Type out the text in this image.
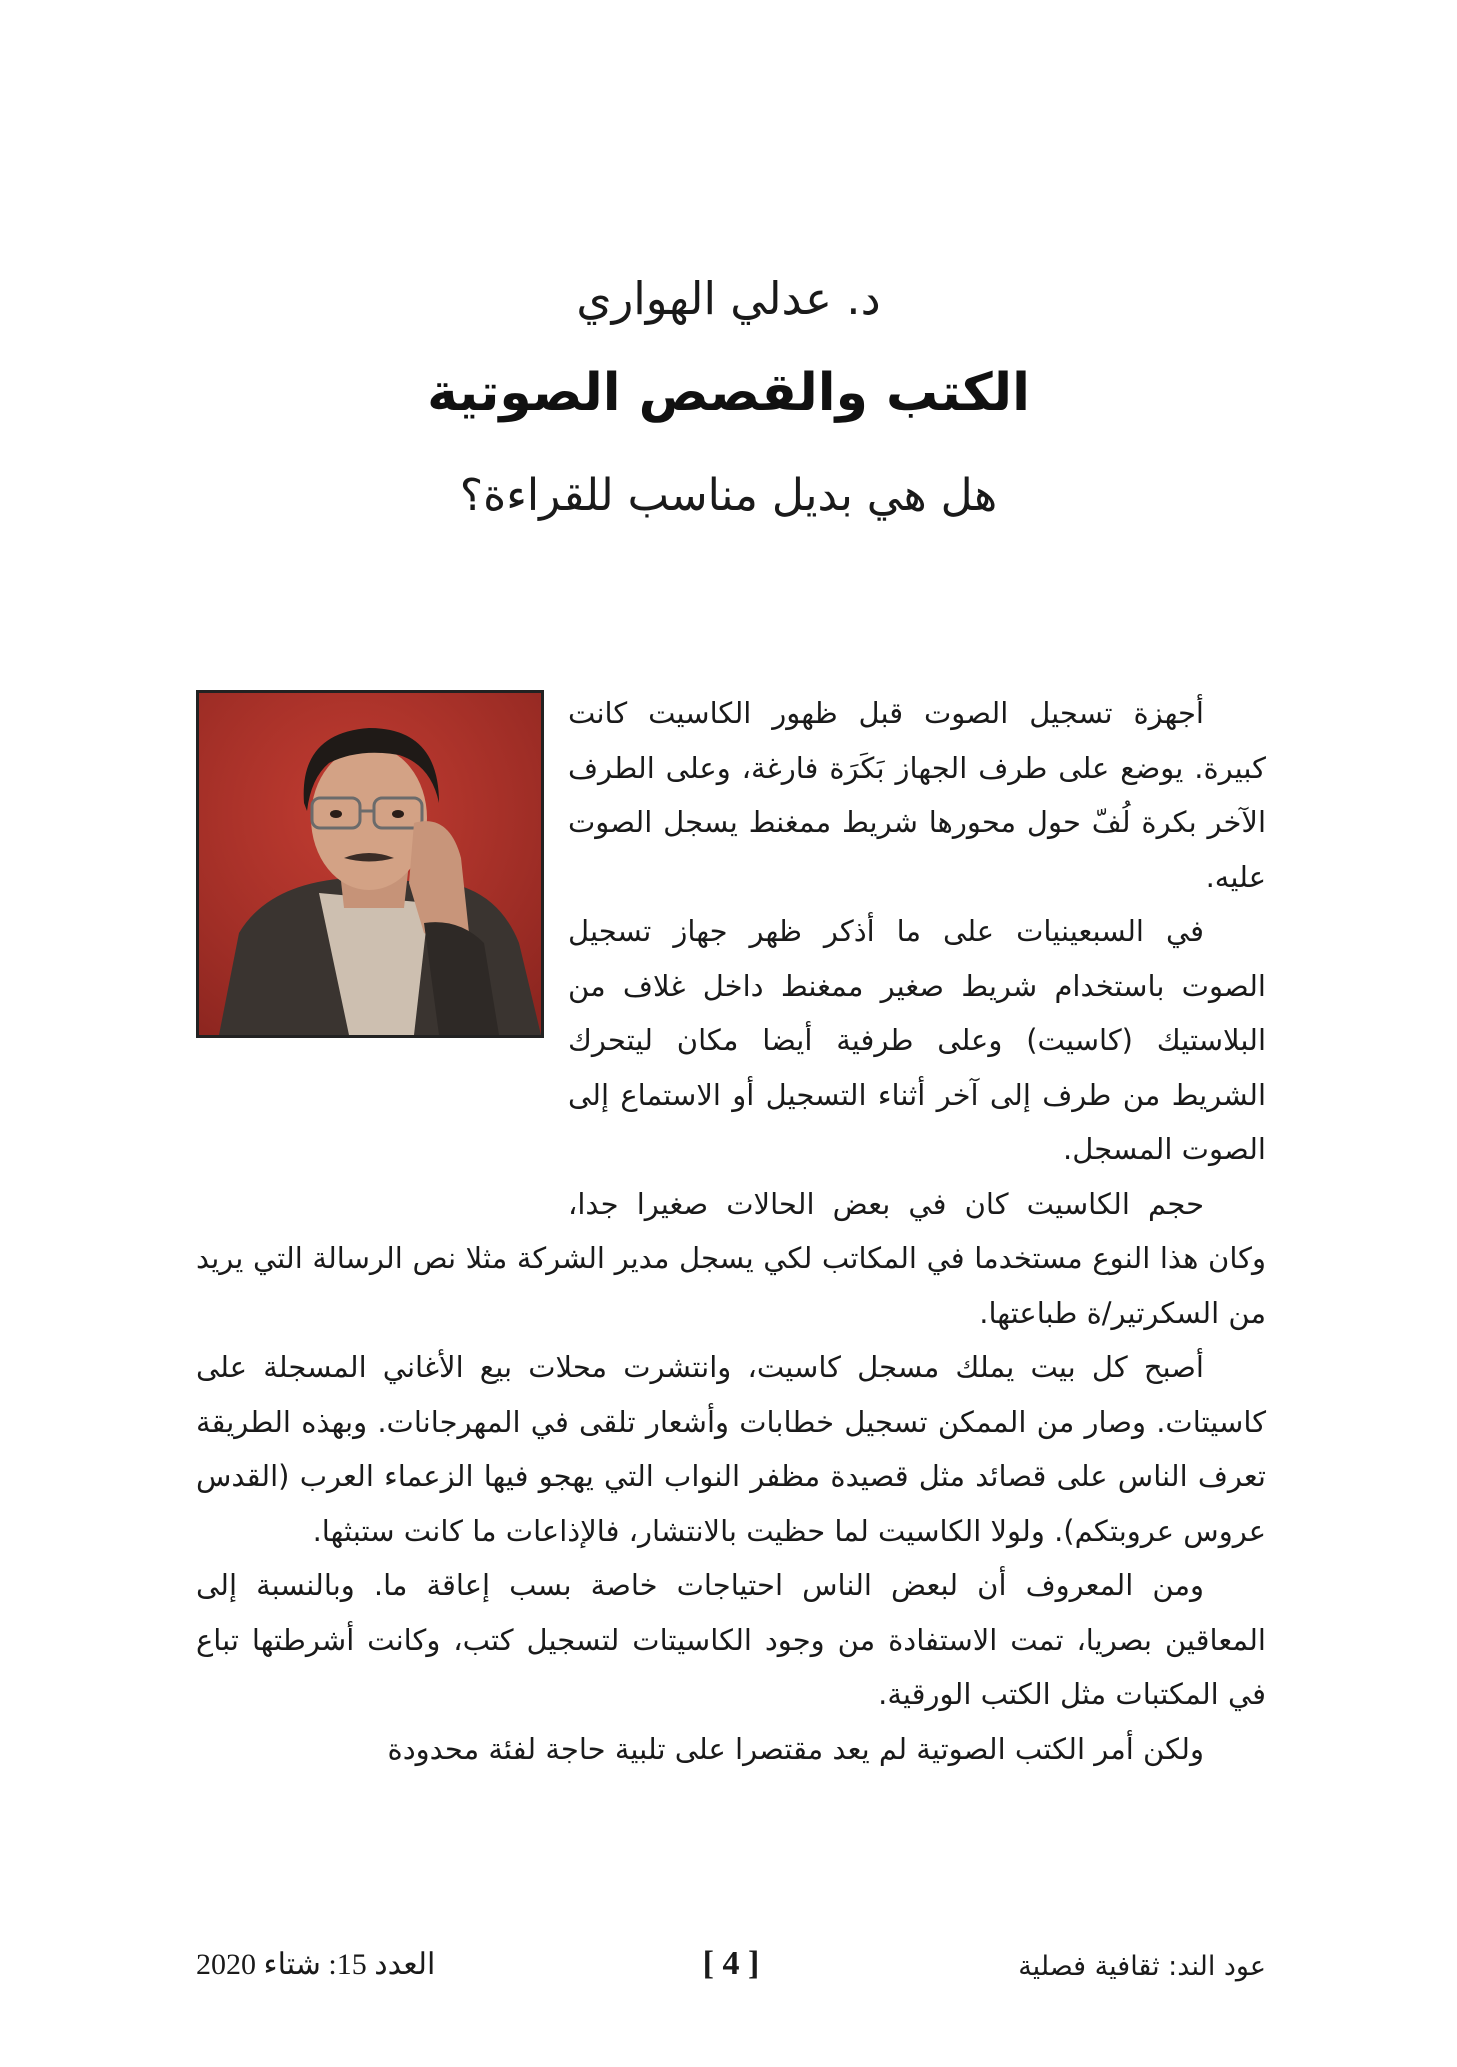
د. عدلي الهواري
الكتب والقصص الصوتية
هل هي بديل مناسب للقراءة؟

أجهزة تسجيل الصوت قبل ظهور الكاسيت كانت كبيرة. يوضع على طرف الجهاز بَكَرَة فارغة، وعلى الطرف الآخر بكرة لُفّ حول محورها شريط ممغنط يسجل الصوت عليه.

في السبعينيات على ما أذكر ظهر جهاز تسجيل الصوت باستخدام شريط صغير ممغنط داخل غلاف من البلاستيك (كاسيت) وعلى طرفية أيضا مكان ليتحرك الشريط من طرف إلى آخر أثناء التسجيل أو الاستماع إلى الصوت المسجل.

حجم الكاسيت كان في بعض الحالات صغيرا جدا، وكان هذا النوع مستخدما في المكاتب لكي يسجل مدير الشركة مثلا نص الرسالة التي يريد من السكرتير/ة طباعتها.

أصبح كل بيت يملك مسجل كاسيت، وانتشرت محلات بيع الأغاني المسجلة على كاسيتات. وصار من الممكن تسجيل خطابات وأشعار تلقى في المهرجانات. وبهذه الطريقة تعرف الناس على قصائد مثل قصيدة مظفر النواب التي يهجو فيها الزعماء العرب (القدس عروس عروبتكم). ولولا الكاسيت لما حظيت بالانتشار، فالإذاعات ما كانت ستبثها.

ومن المعروف أن لبعض الناس احتياجات خاصة بسب إعاقة ما. وبالنسبة إلى المعاقين بصريا، تمت الاستفادة من وجود الكاسيتات لتسجيل كتب، وكانت أشرطتها تباع في المكتبات مثل الكتب الورقية.

ولكن أمر الكتب الصوتية لم يعد مقتصرا على تلبية حاجة لفئة محدودة

عود الند: ثقافية فصلية
[ 4 ]
العدد 15: شتاء 2020
